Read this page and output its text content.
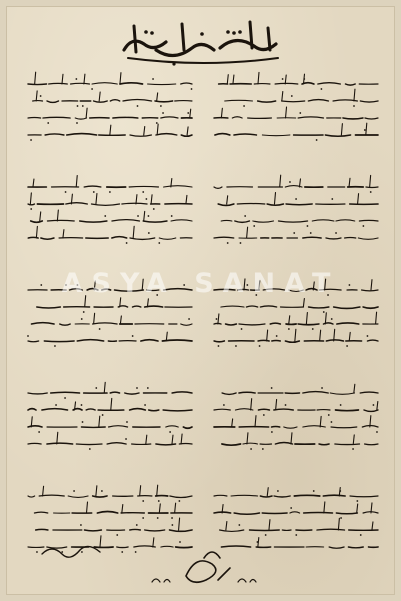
ASYA SANAT
